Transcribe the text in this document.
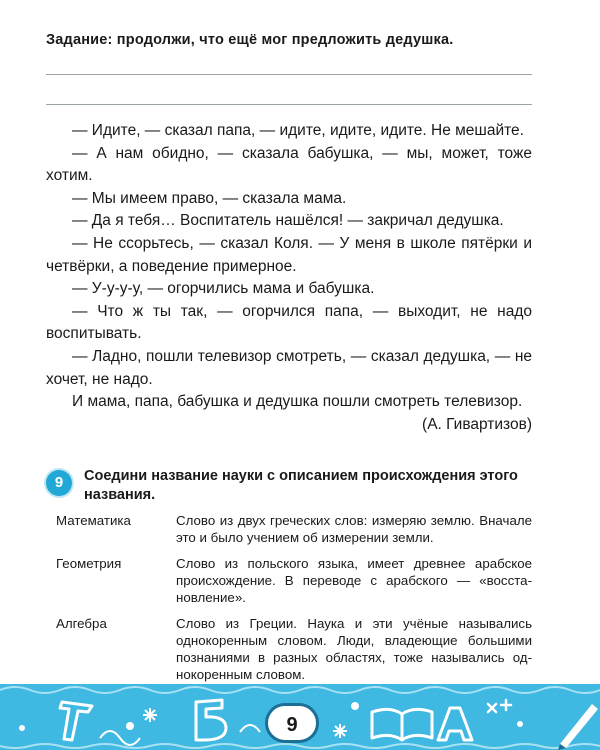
Задание: продолжи, что ещё мог предложить дедушка.

— Идите, — сказал папа, — идите, идите, идите. Не мешайте.

— А нам обидно, — сказала бабушка, — мы, может, тоже хотим.

— Мы имеем право, — сказала мама.

— Да я тебя… Воспитатель нашёлся! — закричал дедушка.

— Не ссорьтесь, — сказал Коля. — У меня в школе пятёрки и четвёрки, а поведение примерное.

— У-у-у-у, — огорчились мама и бабушка.

— Что ж ты так, — огорчился папа, — выходит, не надо воспитывать.

— Ладно, пошли телевизор смотреть, — сказал дедушка, — не хочет, не надо.

И мама, папа, бабушка и дедушка пошли смотреть телевизор.

(А. Гивартизов)

9	Соедини название науки с описанием происхождения этого названия.
Математика	Слово из двух греческих слов: измеряю землю. Вначале это и было учением об измерении земли.
Геометрия	Слово из польского языка, имеет древнее арабское происхождение. В переводе с арабского — «восстановление».
Алгебра	Слово из Греции. Наука и эти учёные назывались однокоренным словом. Люди, владеющие большими познаниями в разных областях, тоже назывались однокоренным словом.
9
